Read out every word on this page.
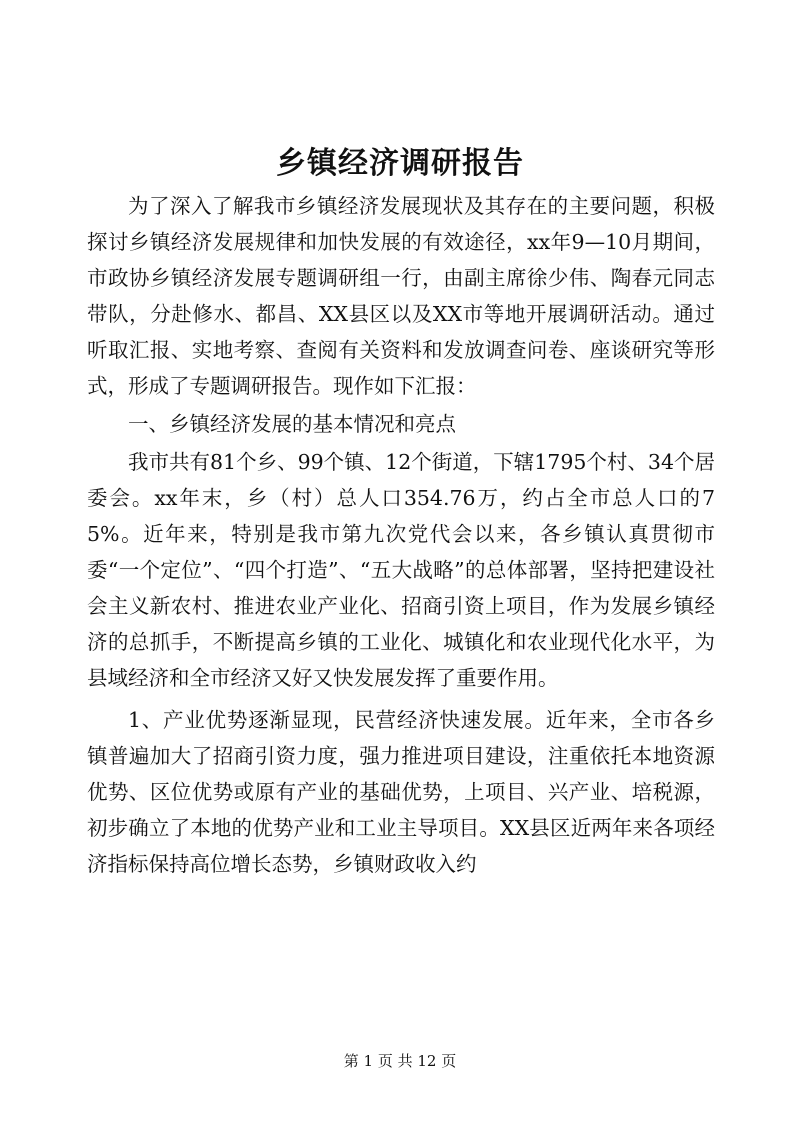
乡镇经济调研报告

为了深入了解我市乡镇经济发展现状及其存在的主要问题，积极探讨乡镇经济发展规律和加快发展的有效途径，xx年9—10月期间，市政协乡镇经济发展专题调研组一行，由副主席徐少伟、陶春元同志带队，分赴修水、都昌、XX县区以及XX市等地开展调研活动。通过听取汇报、实地考察、查阅有关资料和发放调查问卷、座谈研究等形式，形成了专题调研报告。现作如下汇报：

一、乡镇经济发展的基本情况和亮点

我市共有81个乡、99个镇、12个街道，下辖1795个村、34个居委会。xx年末，乡（村）总人口354.76万，约占全市总人口的75%。近年来，特别是我市第九次党代会以来，各乡镇认真贯彻市委“一个定位”、“四个打造”、“五大战略”的总体部署，坚持把建设社会主义新农村、推进农业产业化、招商引资上项目，作为发展乡镇经济的总抓手，不断提高乡镇的工业化、城镇化和农业现代化水平，为县域经济和全市经济又好又快发展发挥了重要作用。

1、产业优势逐渐显现，民营经济快速发展。近年来，全市各乡镇普遍加大了招商引资力度，强力推进项目建设，注重依托本地资源优势、区位优势或原有产业的基础优势，上项目、兴产业、培税源，初步确立了本地的优势产业和工业主导项目。XX县区近两年来各项经济指标保持高位增长态势，乡镇财政收入约

第 1 页 共 12 页
